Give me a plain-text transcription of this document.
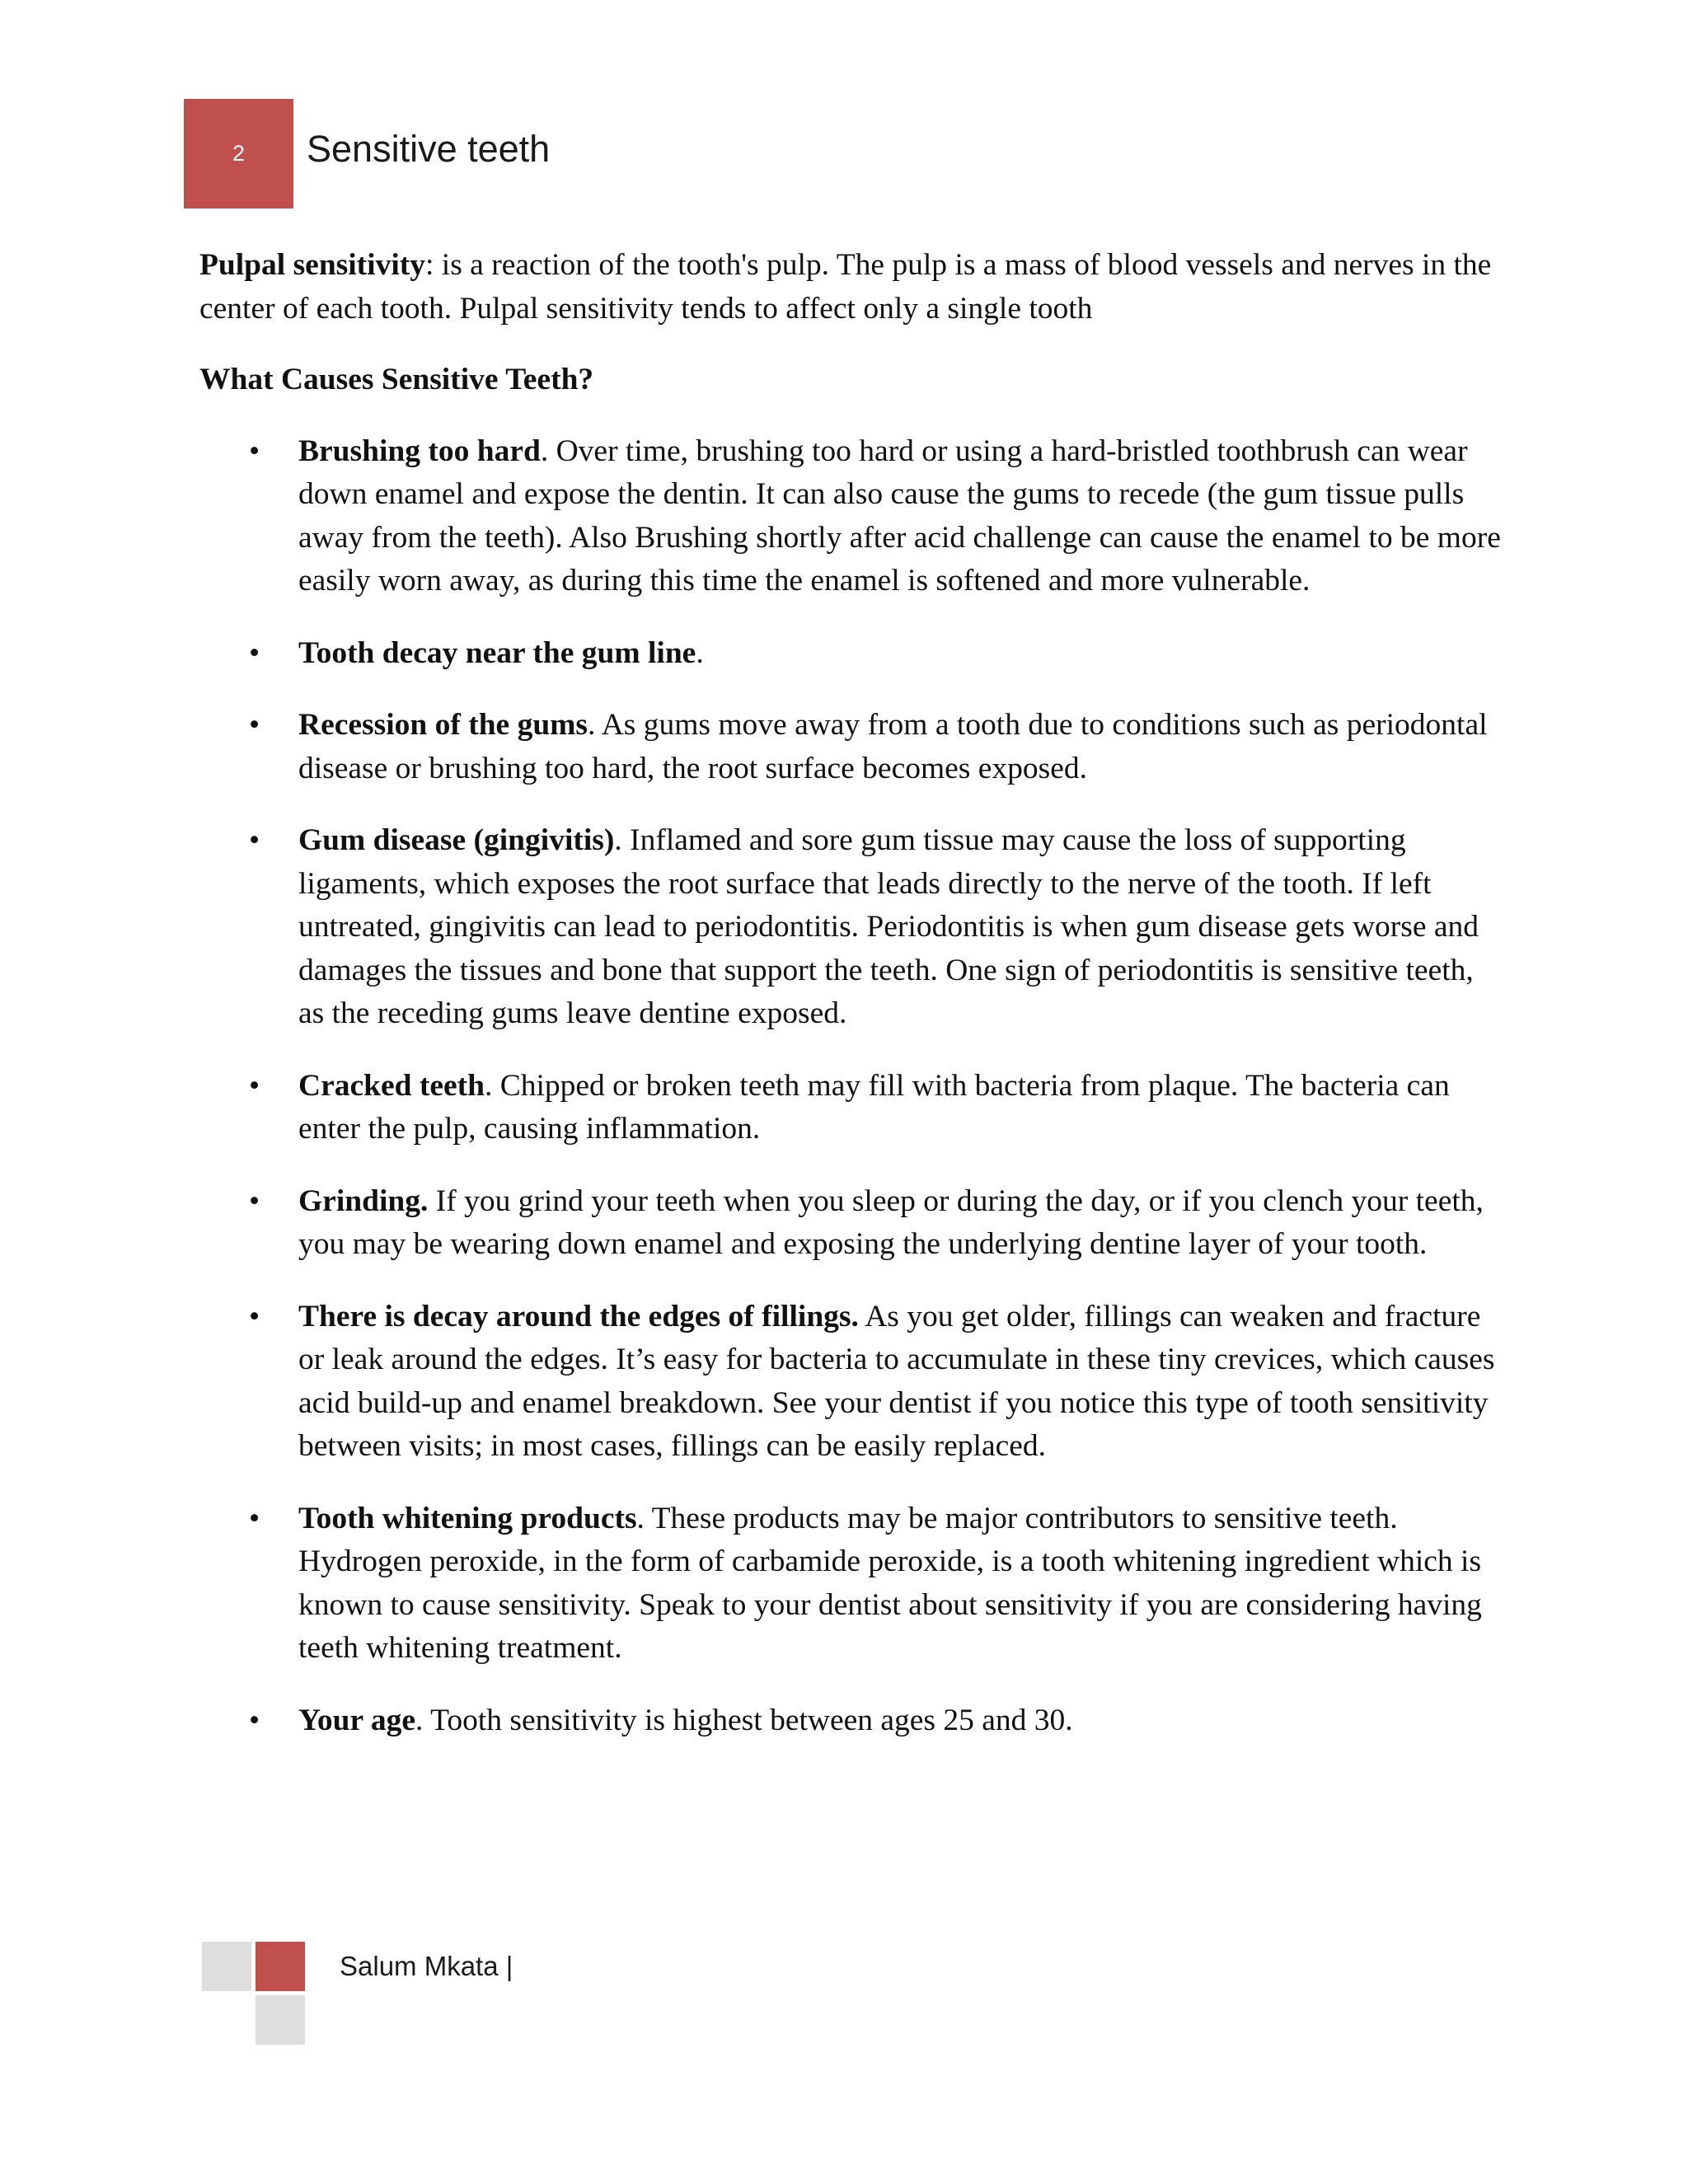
2 Sensitive teeth

Pulpal sensitivity: is a reaction of the tooth's pulp. The pulp is a mass of blood vessels and nerves in the center of each tooth. Pulpal sensitivity tends to affect only a single tooth

What Causes Sensitive Teeth?
• Brushing too hard. Over time, brushing too hard or using a hard-bristled toothbrush can wear down enamel and expose the dentin. It can also cause the gums to recede (the gum tissue pulls away from the teeth). Also Brushing shortly after acid challenge can cause the enamel to be more easily worn away, as during this time the enamel is softened and more vulnerable.
• Tooth decay near the gum line.
• Recession of the gums. As gums move away from a tooth due to conditions such as periodontal disease or brushing too hard, the root surface becomes exposed.
• Gum disease (gingivitis). Inflamed and sore gum tissue may cause the loss of supporting ligaments, which exposes the root surface that leads directly to the nerve of the tooth. If left untreated, gingivitis can lead to periodontitis. Periodontitis is when gum disease gets worse and damages the tissues and bone that support the teeth. One sign of periodontitis is sensitive teeth, as the receding gums leave dentine exposed.
• Cracked teeth. Chipped or broken teeth may fill with bacteria from plaque. The bacteria can enter the pulp, causing inflammation.
• Grinding. If you grind your teeth when you sleep or during the day, or if you clench your teeth, you may be wearing down enamel and exposing the underlying dentine layer of your tooth.
• There is decay around the edges of fillings. As you get older, fillings can weaken and fracture or leak around the edges. It’s easy for bacteria to accumulate in these tiny crevices, which causes acid build-up and enamel breakdown. See your dentist if you notice this type of tooth sensitivity between visits; in most cases, fillings can be easily replaced.
• Tooth whitening products. These products may be major contributors to sensitive teeth. Hydrogen peroxide, in the form of carbamide peroxide, is a tooth whitening ingredient which is known to cause sensitivity. Speak to your dentist about sensitivity if you are considering having teeth whitening treatment.
• Your age. Tooth sensitivity is highest between ages 25 and 30.
Salum Mkata |
